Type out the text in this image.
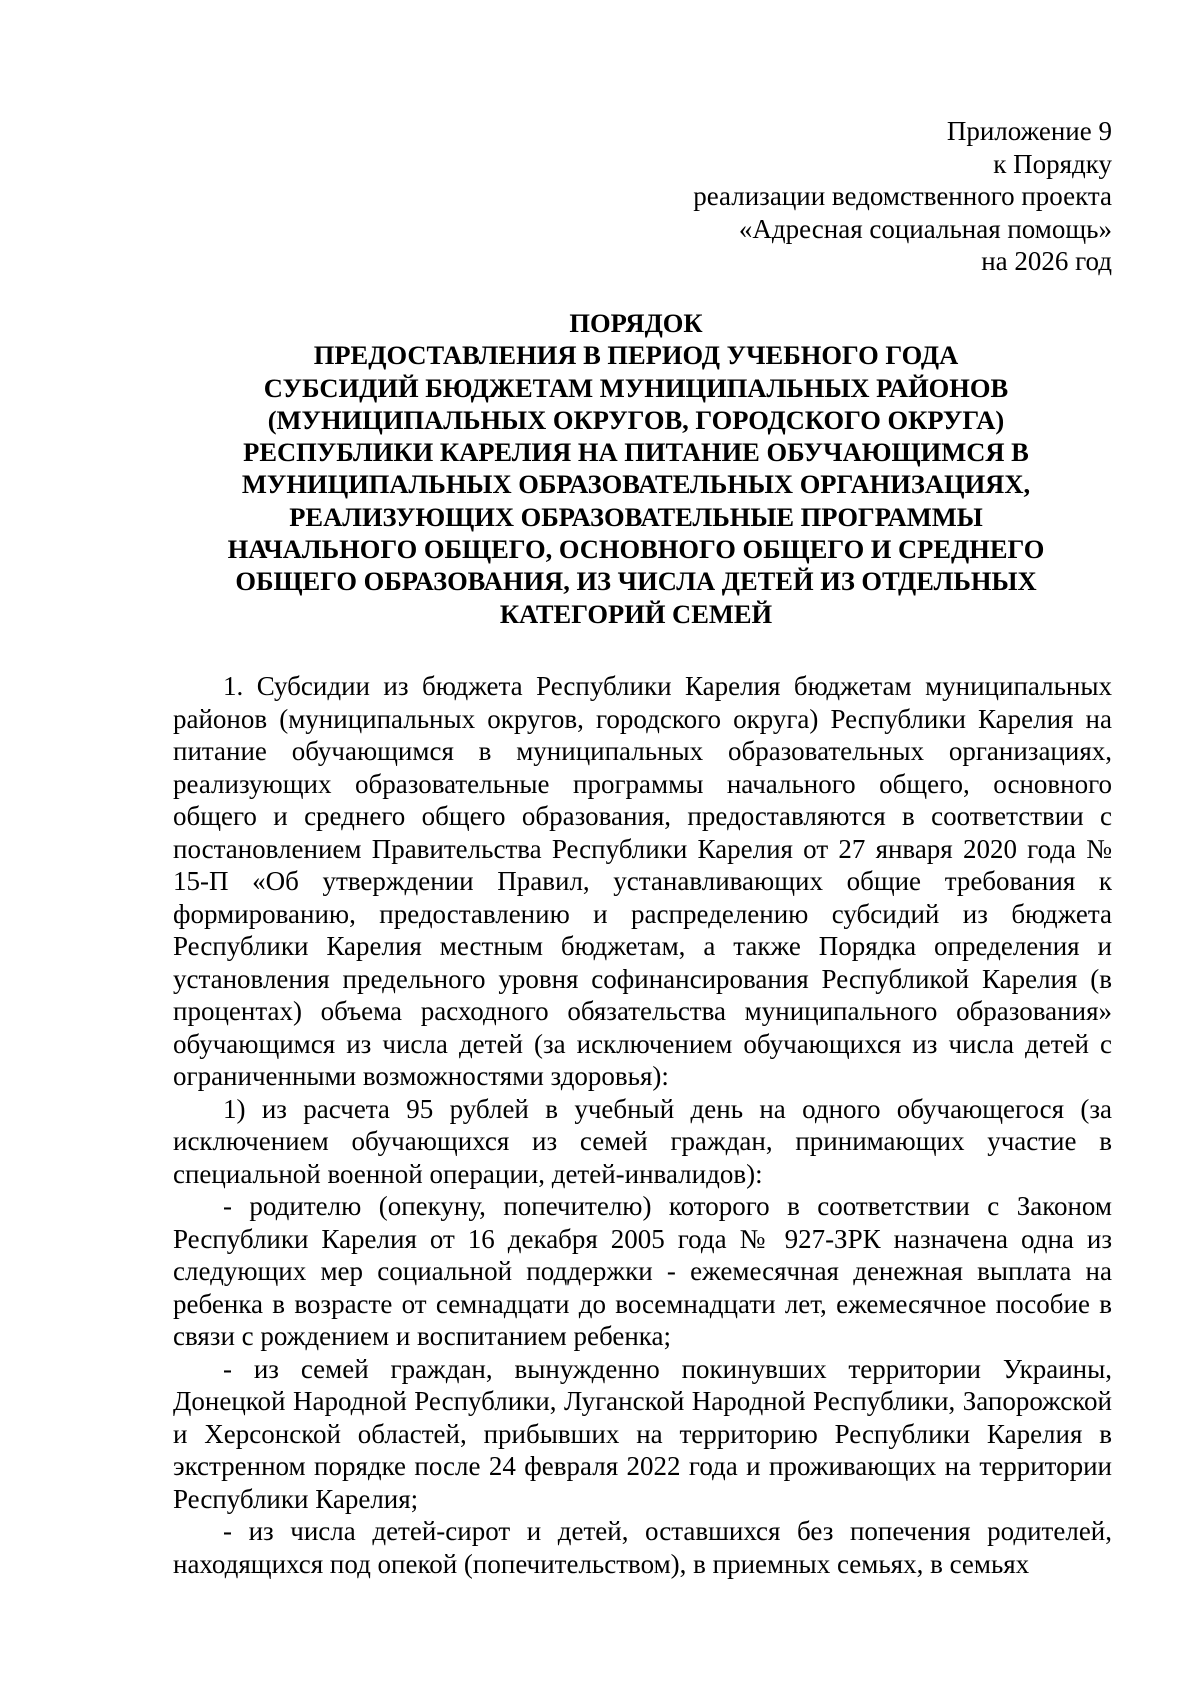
Приложение 9
к Порядку
реализации ведомственного проекта
«Адресная социальная помощь»
на 2026 год
ПОРЯДОК
ПРЕДОСТАВЛЕНИЯ В ПЕРИОД УЧЕБНОГО ГОДА
СУБСИДИЙ БЮДЖЕТАМ МУНИЦИПАЛЬНЫХ РАЙОНОВ
(МУНИЦИПАЛЬНЫХ ОКРУГОВ, ГОРОДСКОГО ОКРУГА)
РЕСПУБЛИКИ КАРЕЛИЯ НА ПИТАНИЕ ОБУЧАЮЩИМСЯ В
МУНИЦИПАЛЬНЫХ ОБРАЗОВАТЕЛЬНЫХ ОРГАНИЗАЦИЯХ,
РЕАЛИЗУЮЩИХ ОБРАЗОВАТЕЛЬНЫЕ ПРОГРАММЫ
НАЧАЛЬНОГО ОБЩЕГО, ОСНОВНОГО ОБЩЕГО И СРЕДНЕГО
ОБЩЕГО ОБРАЗОВАНИЯ, ИЗ ЧИСЛА ДЕТЕЙ ИЗ ОТДЕЛЬНЫХ
КАТЕГОРИЙ СЕМЕЙ

1. Субсидии из бюджета Республики Карелия бюджетам муниципальных районов (муниципальных округов, городского округа) Республики Карелия на питание обучающимся в муниципальных образовательных организациях, реализующих образовательные программы начального общего, основного общего и среднего общего образования, предоставляются в соответствии с постановлением Правительства Республики Карелия от 27 января 2020 года № 15-П «Об утверждении Правил, устанавливающих общие требования к формированию, предоставлению и распределению субсидий из бюджета Республики Карелия местным бюджетам, а также Порядка определения и установления предельного уровня софинансирования Республикой Карелия (в процентах) объема расходного обязательства муниципального образования» обучающимся из числа детей (за исключением обучающихся из числа детей с ограниченными возможностями здоровья):

1) из расчета 95 рублей в учебный день на одного обучающегося (за исключением обучающихся из семей граждан, принимающих участие в специальной военной операции, детей-инвалидов):

- родителю (опекуну, попечителю) которого в соответствии с Законом Республики Карелия от 16 декабря 2005 года № 927-ЗРК назначена одна из следующих мер социальной поддержки - ежемесячная денежная выплата на ребенка в возрасте от семнадцати до восемнадцати лет, ежемесячное пособие в связи с рождением и воспитанием ребенка;

- из семей граждан, вынужденно покинувших территории Украины, Донецкой Народной Республики, Луганской Народной Республики, Запорожской и Херсонской областей, прибывших на территорию Республики Карелия в экстренном порядке после 24 февраля 2022 года и проживающих на территории Республики Карелия;

- из числа детей-сирот и детей, оставшихся без попечения родителей, находящихся под опекой (попечительством), в приемных семьях, в семьях
